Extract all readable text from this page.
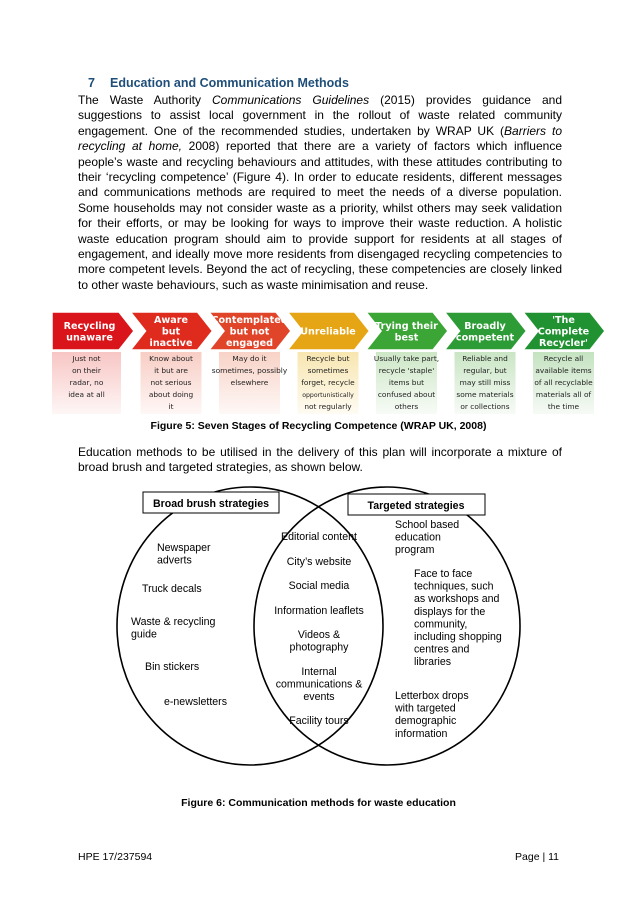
7 Education and Communication Methods

The Waste Authority Communications Guidelines (2015) provides guidance and suggestions to assist local government in the rollout of waste related community engagement. One of the recommended studies, undertaken by WRAP UK (Barriers to recycling at home, 2008) reported that there are a variety of factors which influence people’s waste and recycling behaviours and attitudes, with these attitudes contributing to their ‘recycling competence’ (Figure 4). In order to educate residents, different messages and communications methods are required to meet the needs of a diverse population. Some households may not consider waste as a priority, whilst others may seek validation for their efforts, or may be looking for ways to improve their waste reduction. A holistic waste education program should aim to provide support for residents at all stages of engagement, and ideally move more residents from disengaged recycling competencies to more competent levels. Beyond the act of recycling, these competencies are closely linked to other waste behaviours, such as waste minimisation and reuse.

Recycling
unaware
Just not
on their
radar, no
idea at all
Aware
but
inactive
Know about
it but are
not serious
about doing
it
Contemplated
but not
engaged
May do it
sometimes, possibly
elsewhere
Unreliable
Recycle but
sometimes
forget, recycle
opportunistically
not regularly
Trying their
best
Usually take part,
recycle 'staple'
items but
confused about
others
Broadly
competent
Reliable and
regular, but
may still miss
some materials
or collections
'The
Complete
Recycler'
Recycle all
available items
of all recyclable
materials all of
the time
Figure 5: Seven Stages of Recycling Competence (WRAP UK, 2008)

Education methods to be utilised in the delivery of this plan will incorporate a mixture of broad brush and targeted strategies, as shown below.

Broad brush strategies	Targeted strategies
Newspaper
adverts
Truck decals
Waste & recycling
guide
Bin stickers
e-newsletters
Editorial content
City’s website
Social media
Information leaflets
Videos &
photography
Internal
communications &
events
Facility tours
School based
education
program
Face to face
techniques, such
as workshops and
displays for the
community,
including shopping
centres and
libraries
Letterbox drops
with targeted
demographic
information
Figure 6: Communication methods for waste education
HPE 17/237594	Page | 11
